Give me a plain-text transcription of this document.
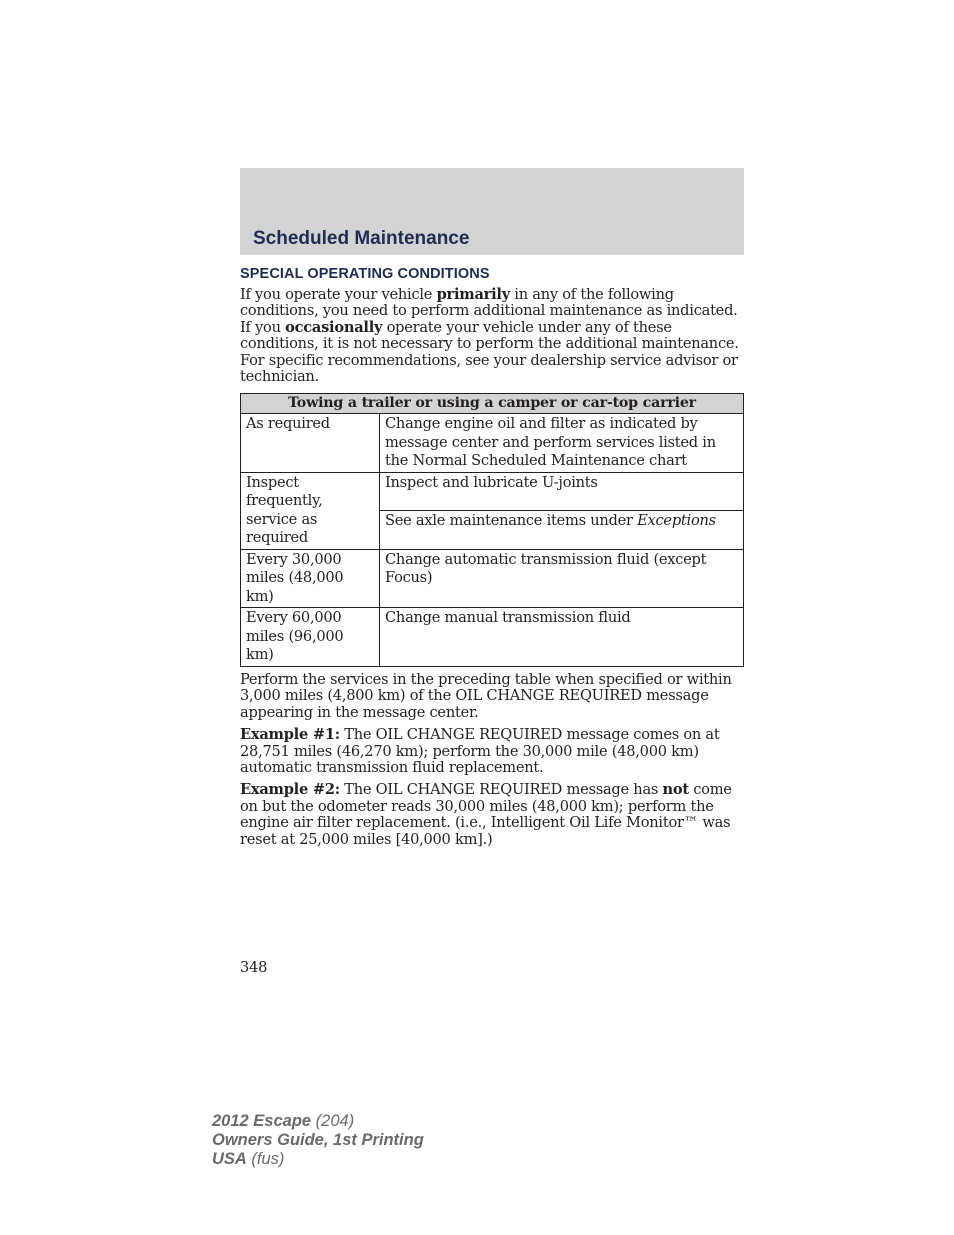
Scheduled Maintenance
SPECIAL OPERATING CONDITIONS

If you operate your vehicle primarily in any of the following conditions, you need to perform additional maintenance as indicated. If you occasionally operate your vehicle under any of these conditions, it is not necessary to perform the additional maintenance. For specific recommendations, see your dealership service advisor or technician.

Towing a trailer or using a camper or car-top carrier	
As required	Change engine oil and filter as indicated by message center and perform services listed in the Normal Scheduled Maintenance chart
Inspect frequently, service as required	Inspect and lubricate U-joints
	See axle maintenance items under Exceptions
Every 30,000 miles (48,000 km)	Change automatic transmission fluid (except Focus)
Every 60,000 miles (96,000 km)	Change manual transmission fluid

Perform the services in the preceding table when specified or within 3,000 miles (4,800 km) of the OIL CHANGE REQUIRED message appearing in the message center.

Example #1: The OIL CHANGE REQUIRED message comes on at 28,751 miles (46,270 km); perform the 30,000 mile (48,000 km) automatic transmission fluid replacement.

Example #2: The OIL CHANGE REQUIRED message has not come on but the odometer reads 30,000 miles (48,000 km); perform the engine air filter replacement. (i.e., Intelligent Oil Life Monitor™ was reset at 25,000 miles [40,000 km].)

348

2012 Escape (204)
Owners Guide, 1st Printing
USA (fus)
